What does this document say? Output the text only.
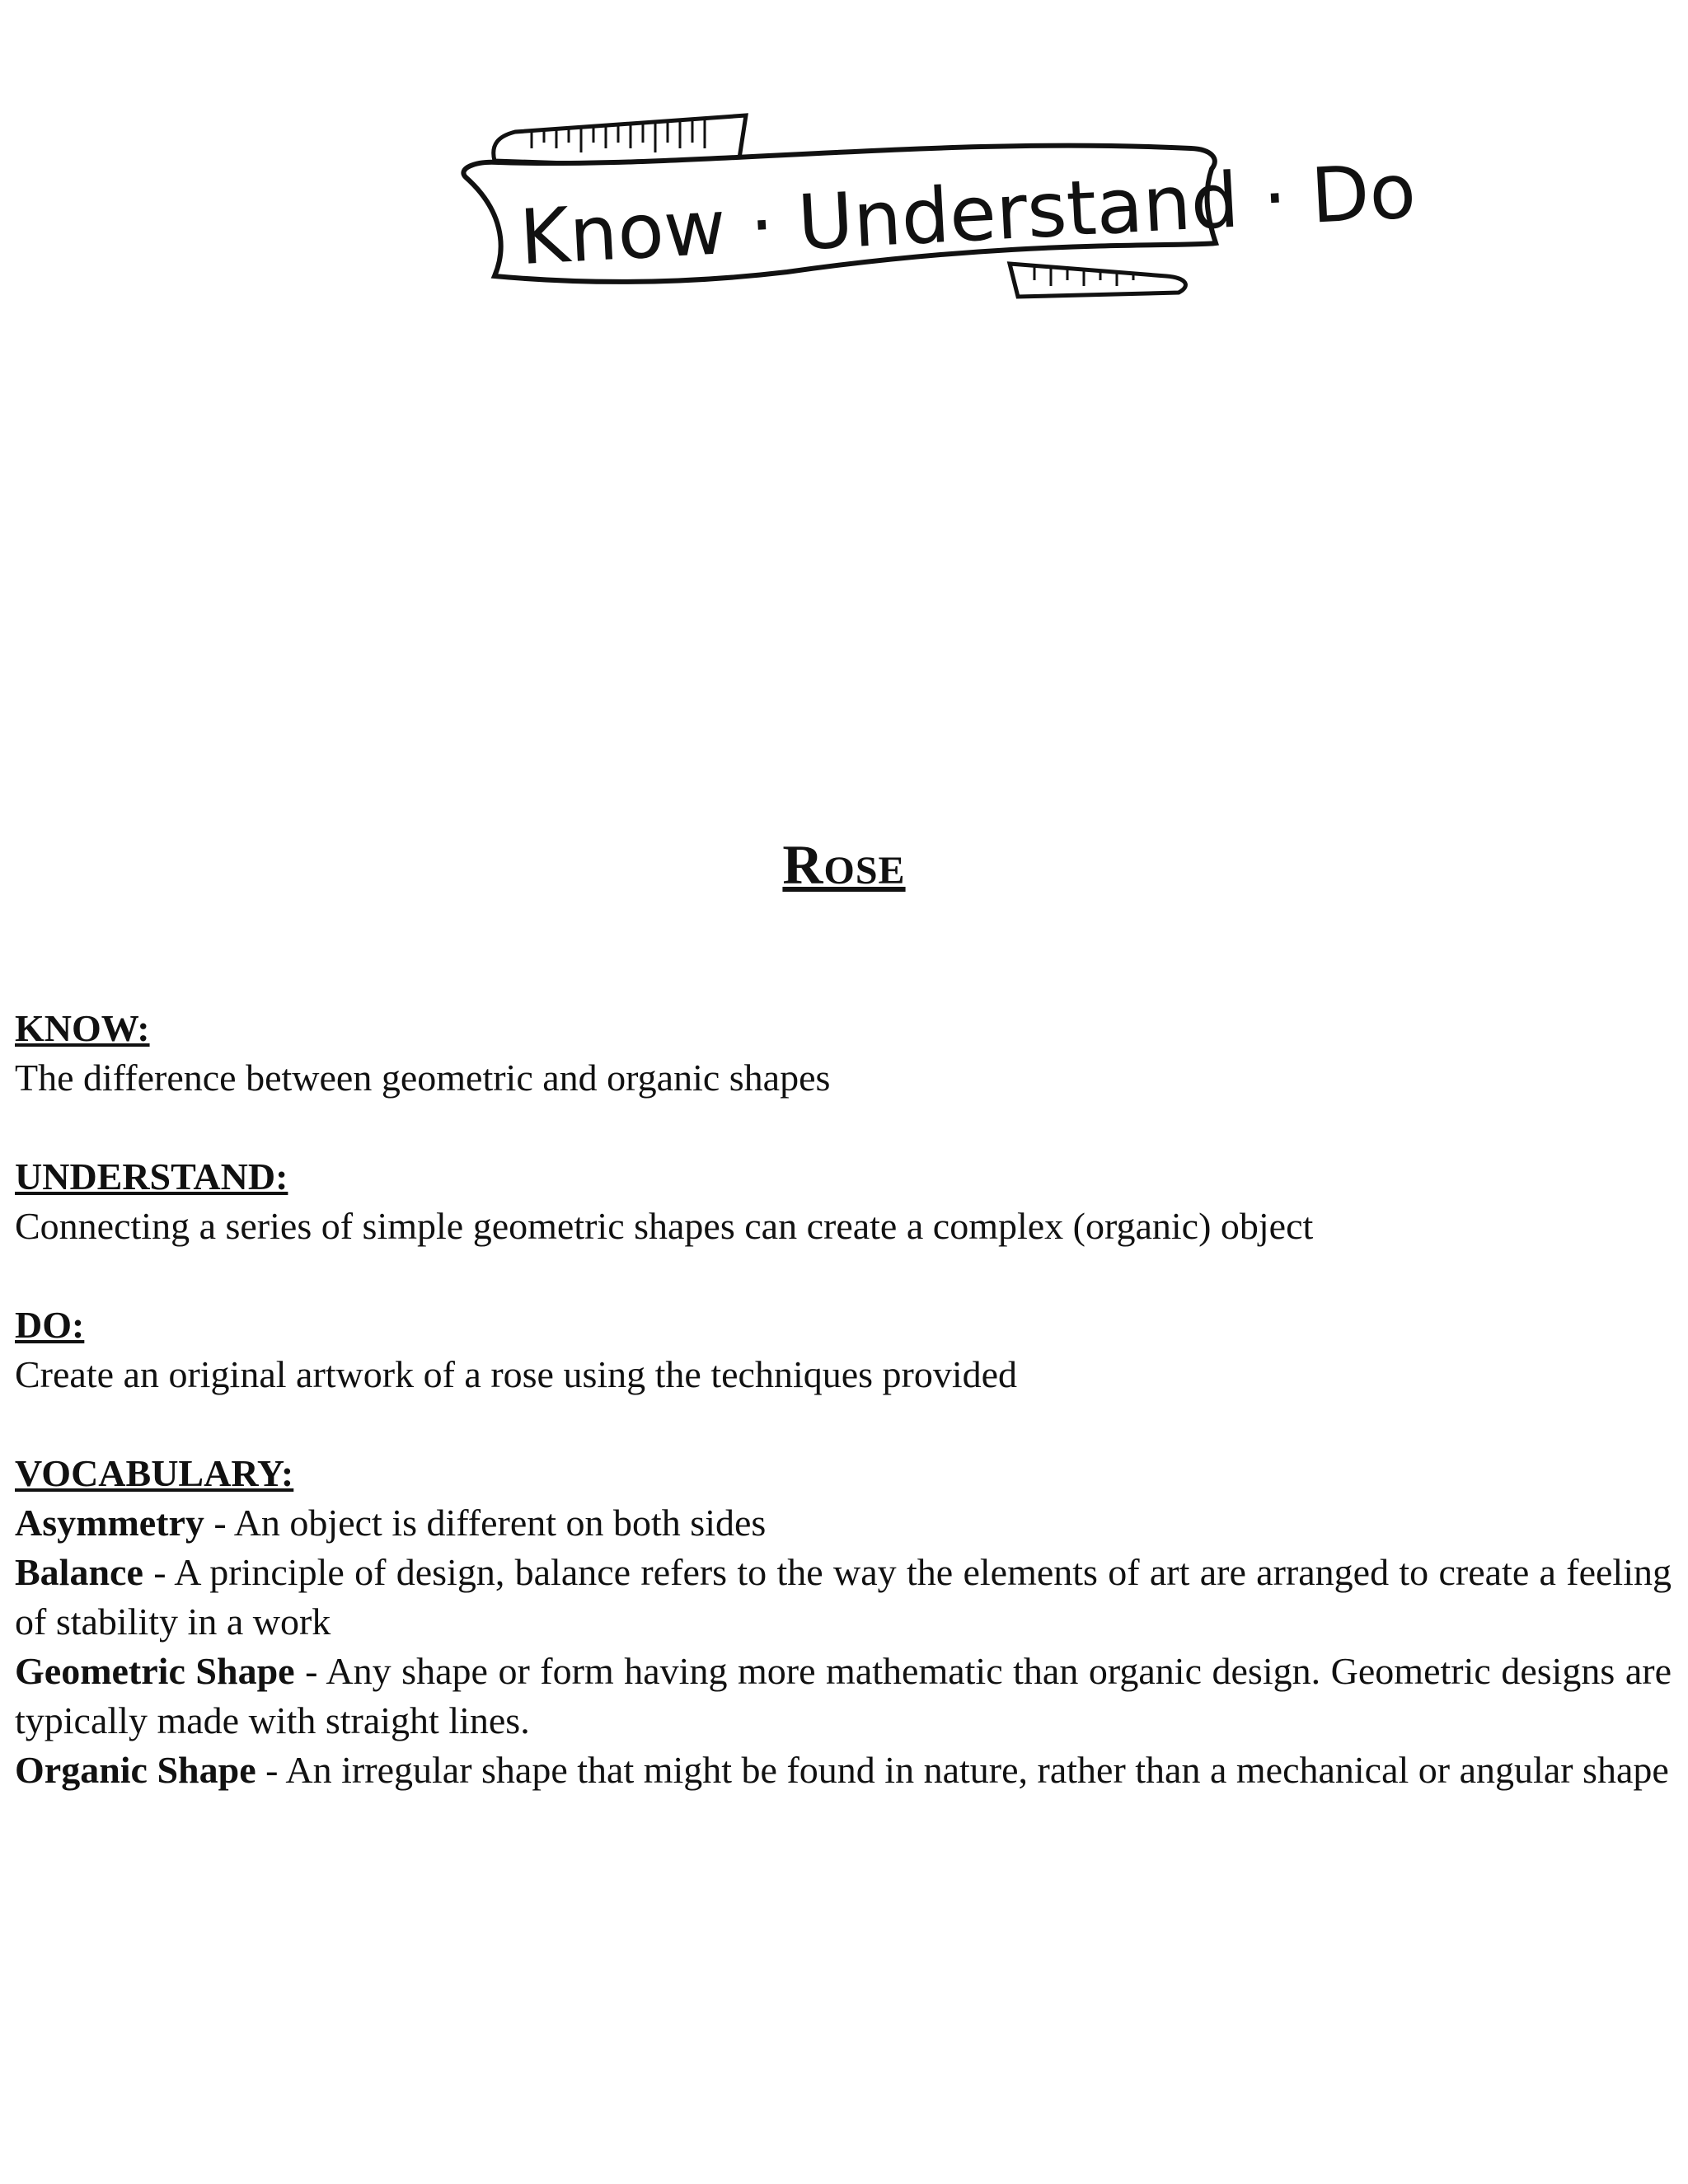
Know · Understand · Do
Rose
KNOW:
The difference between geometric and organic shapes
UNDERSTAND:
Connecting a series of simple geometric shapes can create a complex (organic) object
DO:
Create an original artwork of a rose using the techniques provided
VOCABULARY:
Asymmetry - An object is different on both sides
Balance - A principle of design, balance refers to the way the elements of art are arranged to create a feeling of stability in a work
Geometric Shape - Any shape or form having more mathematic than organic design. Geometric designs are typically made with straight lines.
Organic Shape - An irregular shape that might be found in nature, rather than a mechanical or angular shape
